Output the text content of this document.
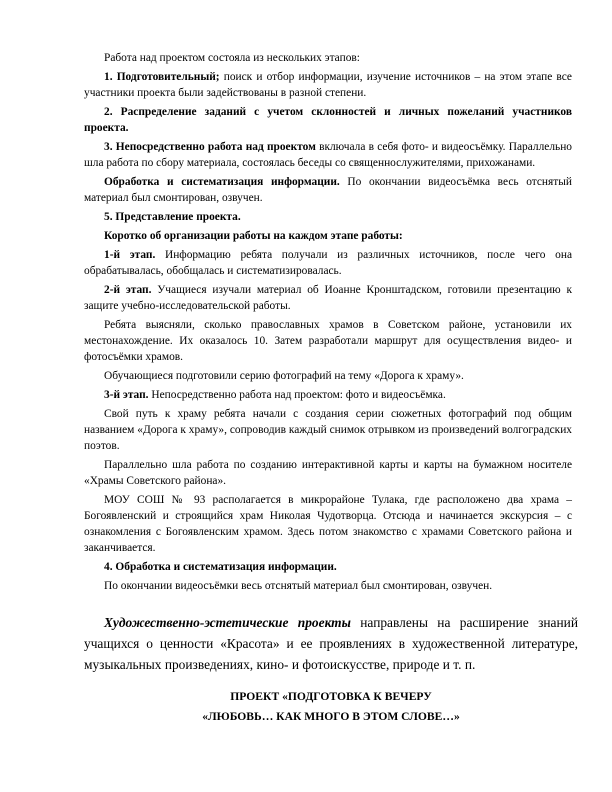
Работа над проектом состояла из нескольких этапов:

1. Подготовительный; поиск и отбор информации, изучение источников – на этом этапе все участники проекта были задействованы в разной степени.

2. Распределение заданий с учетом склонностей и личных пожеланий участников проекта.

3. Непосредственно работа над проектом включала в себя фото- и видеосъёмку. Параллельно шла работа по сбору материала, состоялась беседы со священнослужителями, прихожанами.

Обработка и систематизация информации. По окончании видеосъёмка весь отснятый материал был смонтирован, озвучен.

5. Представление проекта.

Коротко об организации работы на каждом этапе работы:

1-й этап. Информацию ребята получали из различных источников, после чего она обрабатывалась, обобщалась и систематизировалась.

2-й этап. Учащиеся изучали материал об Иоанне Кронштадском, готовили презентацию к защите учебно-исследовательской работы.

Ребята выясняли, сколько православных храмов в Советском районе, установили их местонахождение. Их оказалось 10. Затем разработали маршрут для осуществления видео- и фотосъёмки храмов.

Обучающиеся подготовили серию фотографий на тему «Дорога к храму».

3-й этап. Непосредственно работа над проектом: фото и видеосъёмка.

Свой путь к храму ребята начали с создания серии сюжетных фотографий под общим названием «Дорога к храму», сопроводив каждый снимок отрывком из произведений волгоградских поэтов.

Параллельно шла работа по созданию интерактивной карты и карты на бумажном носителе «Храмы Советского района».

МОУ СОШ № 93 располагается в микрорайоне Тулака, где расположено два храма – Богоявленский и строящийся храм Николая Чудотворца. Отсюда и начинается экскурсия – с ознакомления с Богоявленским храмом. Здесь потом знакомство с храмами Советского района и заканчивается.

4. Обработка и систематизация информации.

По окончании видеосъёмки весь отснятый материал был смонтирован, озвучен.

Художественно-эстетические проекты направлены на расширение знаний учащихся о ценности «Красота» и ее проявлениях в художественной литературе, музыкальных произведениях, кино- и фотоискусстве, природе и т. п.

ПРОЕКТ «ПОДГОТОВКА К ВЕЧЕРУ

«ЛЮБОВЬ… КАК МНОГО В ЭТОМ СЛОВЕ…»
